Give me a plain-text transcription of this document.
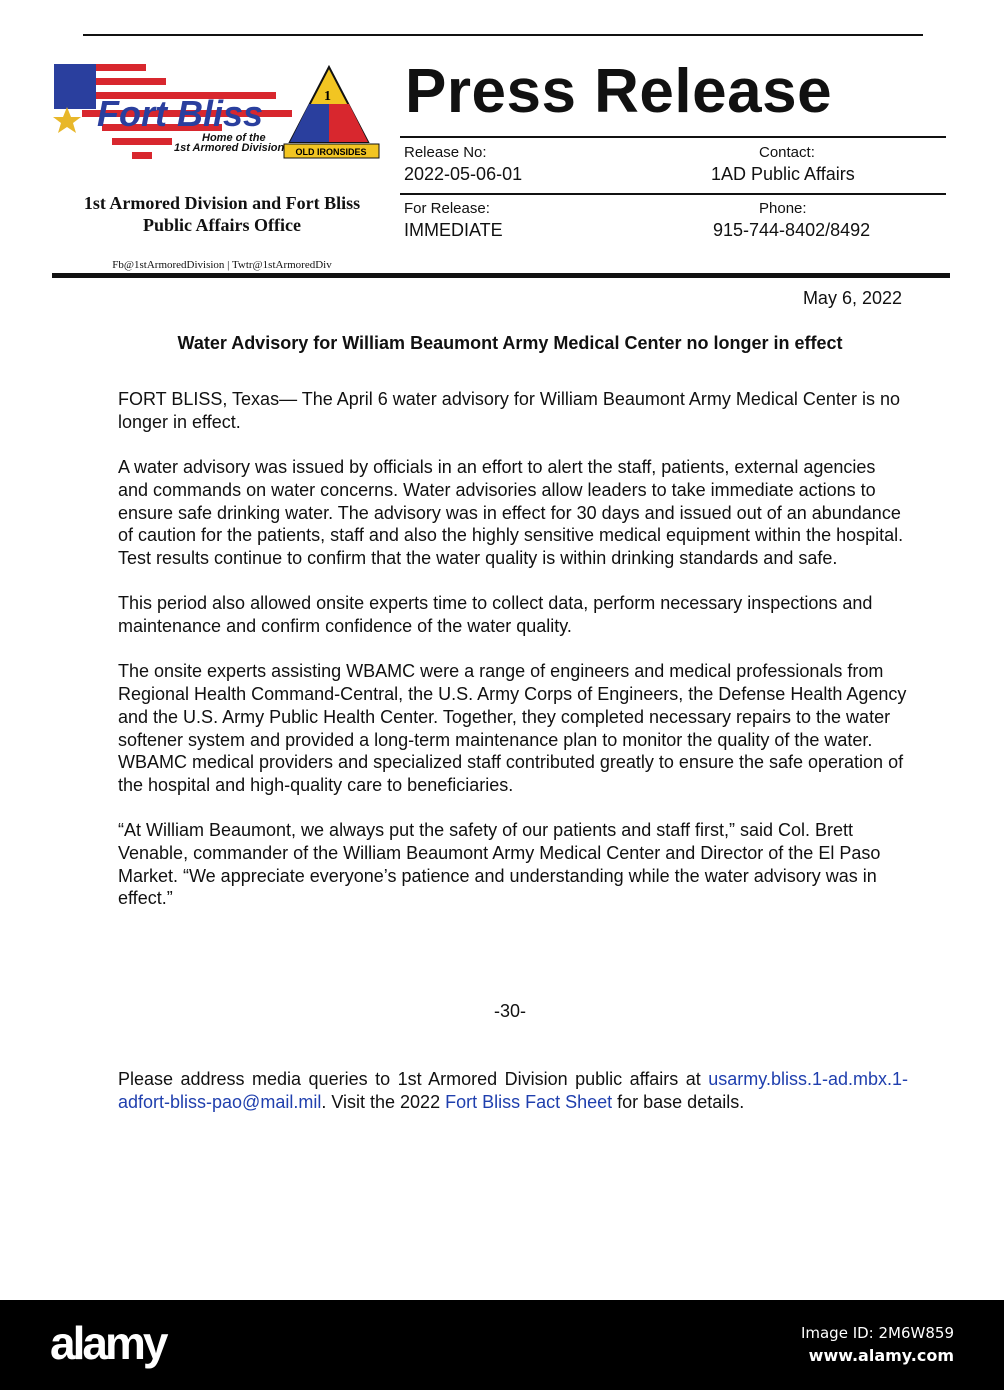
Fort Bliss
Home of the
1st Armored Division
1
OLD IRONSIDES
1st Armored Division and Fort Bliss
Public Affairs Office
Fb@1stArmoredDivision | Twtr@1stArmoredDiv
Press Release
Release No:
2022-05-06-01
Contact:
1AD Public Affairs
For Release:
IMMEDIATE
Phone:
915-744-8402/8492
May 6, 2022
Water Advisory for William Beaumont Army Medical Center no longer in effect

FORT BLISS, Texas— The April 6 water advisory for William Beaumont Army Medical Center is no longer in effect.

A water advisory was issued by officials in an effort to alert the staff, patients, external agencies and commands on water concerns. Water advisories allow leaders to take immediate actions to ensure safe drinking water. The advisory was in effect for 30 days and issued out of an abundance of caution for the patients, staff and also the highly sensitive medical equipment within the hospital. Test results continue to confirm that the water quality is within drinking standards and safe.

This period also allowed onsite experts time to collect data, perform necessary inspections and maintenance and confirm confidence of the water quality.

The onsite experts assisting WBAMC were a range of engineers and medical professionals from Regional Health Command-Central, the U.S. Army Corps of Engineers, the Defense Health Agency and the U.S. Army Public Health Center. Together, they completed necessary repairs to the water softener system and provided a long-term maintenance plan to monitor the quality of the water. WBAMC medical providers and specialized staff contributed greatly to ensure the safe operation of the hospital and high-quality care to beneficiaries.

“At William Beaumont, we always put the safety of our patients and staff first,” said Col. Brett Venable, commander of the William Beaumont Army Medical Center and Director of the El Paso Market. “We appreciate everyone’s patience and understanding while the water advisory was in effect.”

-30-
Please address media queries to 1st Armored Division public affairs at usarmy.bliss.1-ad.mbx.1-adfort-bliss-pao@mail.mil. Visit the 2022 Fort Bliss Fact Sheet for base details.
alamy	Image ID: 2M6W859
www.alamy.com
